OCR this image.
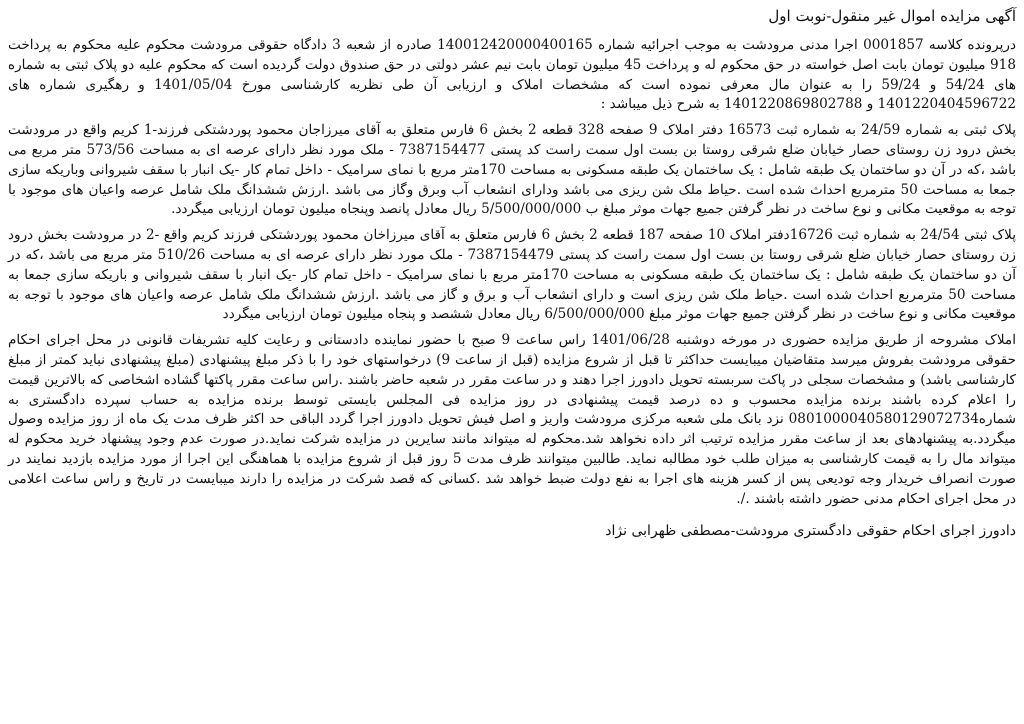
آگهی مزایده اموال غیر منقول-نوبت اول

درپرونده کلاسه 0001857 اجرا مدنی مرودشت به موجب اجرائیه شماره 140012420000400165 صادره از شعبه 3 دادگاه حقوقی مرودشت محکوم علیه محکوم به پرداخت 918 میلیون تومان بابت اصل خواسته در حق محکوم له و پرداخت 45 میلیون تومان بابت نیم عشر دولتی در حق صندوق دولت گردیده است که محکوم علیه دو پلاک ثبتی به شماره های 54/24 و 59/24 را به عنوان مال معرفی نموده است که مشخصات املاک و ارزیابی آن طی نظریه کارشناسی مورخ 1401/05/04 و رهگیری شماره های 1401220404596722 و 1401220869802788 به شرح ذیل میباشد :

پلاک ثبتی به شماره 24/59 به شماره ثبت 16573 دفتر املاک 9 صفحه 328 قطعه 2 بخش 6 فارس متعلق به آقای میرزاجان محمود پوردشتکی فرزند-1 کریم واقع در مرودشت بخش درود زن روستای حصار خیابان ضلع شرقی روستا بن بست اول سمت راست کد پستی 7387154477 - ملک مورد نظر دارای عرصه ای به مساحت 573/56 متر مربع می باشد ،که در آن دو ساختمان یک طبقه شامل : یک ساختمان یک طبقه مسکونی به مساحت 170متر مربع با نمای سرامیک - داخل تمام کار -یک انبار با سقف شیروانی وباریکه سازی جمعا به مساحت 50 مترمربع احداث شده است .حیاط ملک شن ریزی می باشد ودارای انشعاب آب وبرق وگاز می باشد .ارزش ششدانگ ملک شامل عرصه واعیان های موجود با توجه به موقعیت مکانی و نوع ساخت در نظر گرفتن جمیع جهات موثر مبلغ ب 5/500/000/000 ریال معادل پانصد وپنجاه میلیون تومان ارزیابی میگردد.

پلاک ثبتی 24/54 به شماره ثبت 16726دفتر املاک 10 صفحه 187 قطعه 2 بخش 6 فارس متعلق به آقای میرزاخان محمود پوردشتکی فرزند کریم واقع -2 در مرودشت بخش درود زن روستای حصار خیابان ضلع شرقی روستا بن بست اول سمت راست کد پستی 7387154479 - ملک مورد نظر دارای عرصه ای به مساحت 510/26 متر مربع می باشد ،که در آن دو ساختمان یک طبقه شامل : یک ساختمان یک طبقه مسکونی به مساحت 170متر مربع با نمای سرامیک - داخل تمام کار -یک انبار با سقف شیروانی و باریکه سازی جمعا به مساحت 50 مترمربع احداث شده است .حیاط ملک شن ریزی است و دارای انشعاب آب و برق و گاز می باشد .ارزش ششدانگ ملک شامل عرصه واعیان های موجود با توجه به موقعیت مکانی و نوع ساخت در نظر گرفتن جمیع جهات موثر مبلغ 6/500/000/000 ریال معادل ششصد و پنجاه میلیون تومان ارزیابی میگردد

املاک مشروحه از طریق مزایده حضوری در مورخه دوشنبه 1401/06/28 راس ساعت 9 صبح با حضور نماینده دادستانی و رعایت کلیه تشریفات قانونی در محل اجرای احکام حقوقی مرودشت بفروش میرسد متقاضیان میبایست حداکثر تا قبل از شروع مزایده (قبل از ساعت 9) درخواستهای خود را با ذکر مبلغ پیشنهادی (مبلغ پیشنهادی نباید کمتر از مبلغ کارشناسی باشد) و مشخصات سجلی در پاکت سربسته تحویل دادورز اجرا دهند و در ساعت مقرر در شعبه حاضر باشند .راس ساعت مقرر پاکتها گشاده اشخاصی که بالاترین قیمت را اعلام کرده باشند برنده مزایده محسوب و ده درصد قیمت پیشنهادی در روز مزایده فی المجلس بایستی توسط برنده مزایده به حساب سپرده دادگستری به شماره0801000040580129072734 نزد بانک ملی شعبه مرکزی مرودشت واریز و اصل فیش تحویل دادورز اجرا گردد الباقی حد اکثر ظرف مدت یک ماه از روز مزایده وصول میگردد.به پیشنهادهای بعد از ساعت مقرر مزایده ترتیب اثر داده نخواهد شد.محکوم له میتواند مانند سایرین در مزایده شرکت نماید.در صورت عدم وجود پیشنهاد خرید محکوم له میتواند مال را به قیمت کارشناسی به میزان طلب خود مطالبه نماید. طالبین میتوانند ظرف مدت 5 روز قبل از شروع مزایده با هماهنگی این اجرا از مورد مزایده بازدید نمایند در صورت انصراف خریدار وجه تودیعی پس از کسر هزینه های اجرا به نفع دولت ضبط خواهد شد .کسانی که قصد شرکت در مزایده را دارند میبایست در تاریخ و راس ساعت اعلامی در محل اجرای احکام مدنی حضور داشته باشند ./.

دادورز اجرای احکام حقوقی دادگستری مرودشت-مصطفی ظهرابی نژاد
